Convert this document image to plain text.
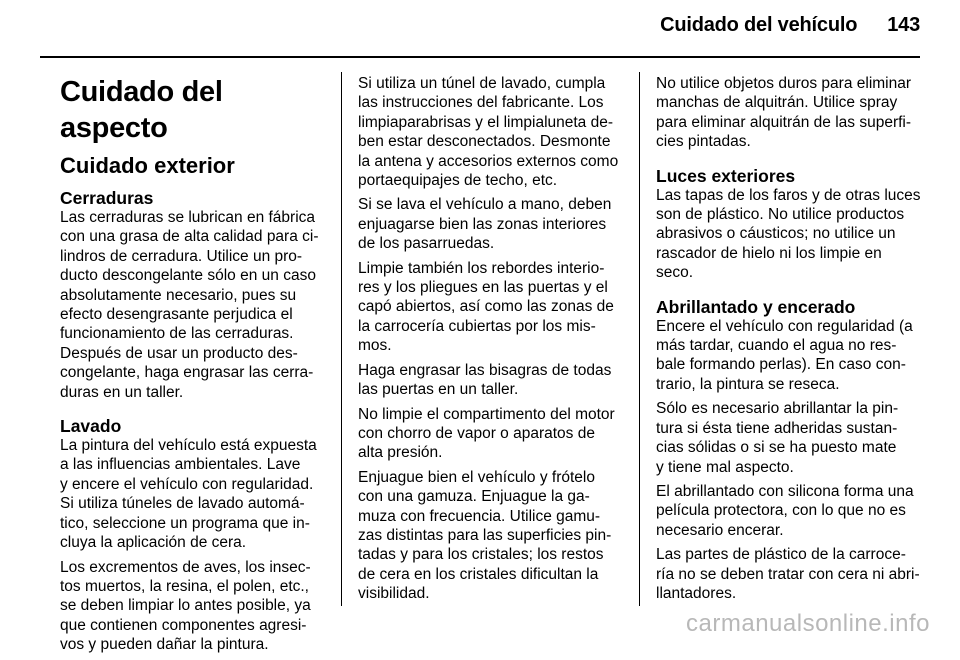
Cuidado del vehículo 143
Cuidado del aspecto
Cuidado exterior
Cerraduras
Las cerraduras se lubrican en fábrica
con una grasa de alta calidad para ci-
lindros de cerradura. Utilice un pro-
ducto descongelante sólo en un caso
absolutamente necesario, pues su
efecto desengrasante perjudica el
funcionamiento de las cerraduras.
Después de usar un producto des-
congelante, haga engrasar las cerra-
duras en un taller.
Lavado
La pintura del vehículo está expuesta
a las influencias ambientales. Lave
y encere el vehículo con regularidad.
Si utiliza túneles de lavado automá-
tico, seleccione un programa que in-
cluya la aplicación de cera.
Los excrementos de aves, los insec-
tos muertos, la resina, el polen, etc.,
se deben limpiar lo antes posible, ya
que contienen componentes agresi-
vos y pueden dañar la pintura.
Si utiliza un túnel de lavado, cumpla
las instrucciones del fabricante. Los
limpiaparabrisas y el limpialuneta de-
ben estar desconectados. Desmonte
la antena y accesorios externos como
portaequipajes de techo, etc.
Si se lava el vehículo a mano, deben
enjuagarse bien las zonas interiores
de los pasarruedas.
Limpie también los rebordes interio-
res y los pliegues en las puertas y el
capó abiertos, así como las zonas de
la carrocería cubiertas por los mis-
mos.
Haga engrasar las bisagras de todas
las puertas en un taller.
No limpie el compartimento del motor
con chorro de vapor o aparatos de
alta presión.
Enjuague bien el vehículo y frótelo
con una gamuza. Enjuague la ga-
muza con frecuencia. Utilice gamu-
zas distintas para las superficies pin-
tadas y para los cristales; los restos
de cera en los cristales dificultan la
visibilidad.
No utilice objetos duros para eliminar
manchas de alquitrán. Utilice spray
para eliminar alquitrán de las superfi-
cies pintadas.
Luces exteriores
Las tapas de los faros y de otras luces
son de plástico. No utilice productos
abrasivos o cáusticos; no utilice un
rascador de hielo ni los limpie en
seco.
Abrillantado y encerado
Encere el vehículo con regularidad (a
más tardar, cuando el agua no res-
bale formando perlas). En caso con-
trario, la pintura se reseca.
Sólo es necesario abrillantar la pin-
tura si ésta tiene adheridas sustan-
cias sólidas o si se ha puesto mate
y tiene mal aspecto.
El abrillantado con silicona forma una
película protectora, con lo que no es
necesario encerar.
Las partes de plástico de la carroce-
ría no se deben tratar con cera ni abri-
llantadores.
carmanualsonline.info
